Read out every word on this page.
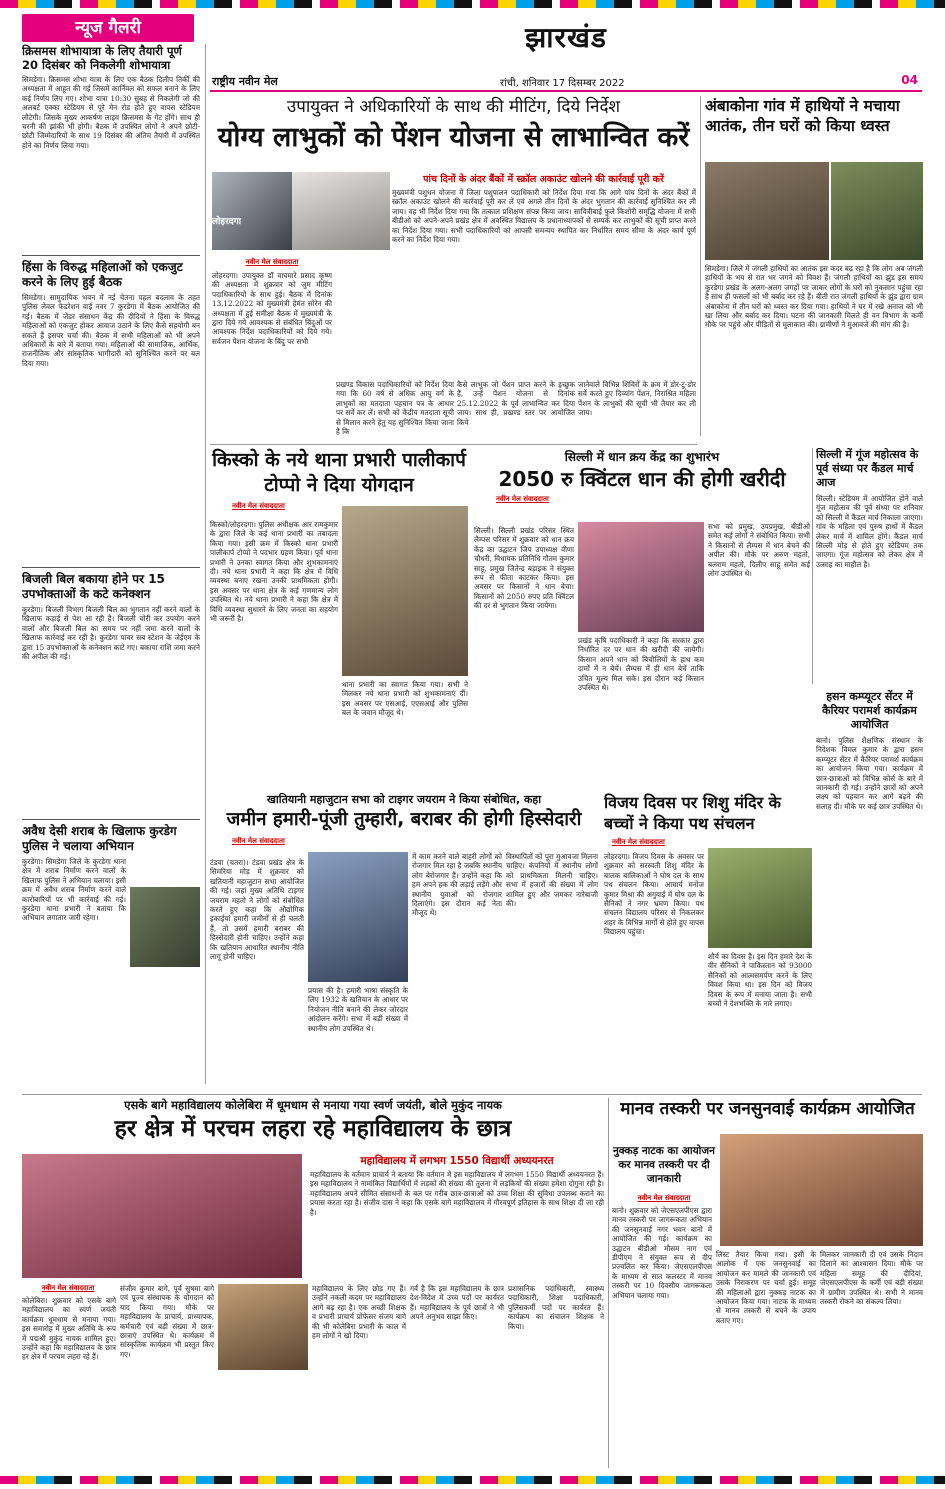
न्यूज गैलरी	झारखंड
राष्ट्रीय नवीन मेल	रांची, शनिवार 17 दिसम्बर 2022	04
क्रिसमस शोभायात्रा के लिए तैयारी पूर्ण 20 दिसंबर को निकलेगी शोभायात्रा
सिमडेगा। क्रिसमस शोभा यात्रा के लिए एक बैठक दिलीप तिर्की की अध्यक्षता में आहूत की गई जिसमें कार्निवल को सफल बनाने के लिए कई निर्णय लिए गए। शोभा यात्रा 10:30 सुबह से निकलेगी जो की अलबर्ट एक्का स्टेडियम से पूरे मेन रोड होते हुए वापस स्टेडियम लौटेगी। जिसके मुख्य आकर्षण लाइव क्रिसमस के गेट होंगे। साथ ही चरनी की झांकी भी होगी। बैठक में उपस्थित लोगों ने अपने छोटी-छोटी जिम्मेदारियों के साथ 19 दिसंबर की अंतिम तैयारी में उपस्थित होने का निर्णय लिया गया।
हिंसा के विरुद्ध महिलाओं को एकजुट करने के लिए हुई बैठक
सिमडेगा। सामुदायिक भवन में नई चेतना पहल बदलाव के तहत पुलिस लेवल फेडरेशन वाई नवर 7 कुरडेगा में बैठक आयोजित की गई। बैठक में जेंडर संसाधन केंद्र की दीदियों ने हिंसा के विरुद्ध महिलाओं को एकजुट होकर आवाज उठाने के लिए कैसे सहयोगी बन सकते हैं इसपर चर्चा की। बैठक में सभी महिलाओं को भी अपने अधिकारों के बारे में बताया गया। महिलाओं की सामाजिक, आर्थिक, राजनीतिक और सांस्कृतिक भागीदारी को सुनिश्चित करने पर बल दिया गया।
बिजली बिल बकाया होने पर 15 उपभोक्ताओं के कटे कनेक्शन
कुरडेगा। बिजली विभाग बिजली बिल का भुगतान नहीं करने वालों के खिलाफ कड़ाई से पेश आ रही है। बिजली चोरी कर उपयोग करने वालों और बिजली बिल का समय पर नहीं जमा करने वालों के खिलाफ कार्रवाई कर रही है। कुरडेगा पावर सब स्टेशन के जेईएम के द्वारा 15 उपभोक्ताओं के कनेक्शन काटे गए। बकाया राशि जमा करने की अपील की गई।
अवैध देसी शराब के खिलाफ कुरडेग पुलिस ने चलाया अभियान
कुरडेगा। सिमडेगा जिले के कुरडेगा थाना क्षेत्र में शराब निर्माण करने वालों के खिलाफ पुलिस ने अभियान चलाया। इसी क्रम में अवैध शराब निर्माण करने वाले कारोबारियों पर भी कार्रवाई की गई। कुरडेगा थाना प्रभारी ने बताया कि अभियान लगातार जारी रहेगा।
उपायुक्त ने अधिकारियों के साथ की मीटिंग, दिये निर्देश
योग्य लाभुकों को पेंशन योजना से लाभान्वित करें
लोहरदगा
पांच दिनों के अंदर बैंकों में स्क्रॉल अकाउंट खोलने की कार्रवाई पूरी करें
मुख्यमंत्री पशुधन योजना में जिला पशुपालन पदाधिकारी को निर्देश दिया गया कि आगे पांच दिनों के अंदर बैंकों में स्क्रॉल अकाउंट खोलने की कार्रवाई पूरी कर लें एवं अगले तीन दिनों के अंदर भुगतान की कार्रवाई सुनिश्चित कर ली जाय। वह भी निर्देश दिया गया कि तत्काल प्रशिक्षण संपन्न किया जाय। सावित्रीबाई फुले किशोरी समृद्धि योजना में सभी बीडीओ को अपने-अपने प्रखंड क्षेत्र में अवस्थित विद्यालय के प्रधानाध्यापकों से सम्पर्क कर लाभुकों की सूची प्राप्त करने का निर्देश दिया गया। सभी पदाधिकारियों को आपसी समन्वय स्थापित कर निर्धारित समय सीमा के अंदर कार्य पूर्ण करने का निर्देश दिया गया।
नवीन मेल संवाददाता
लोहरदगा। उपायुक्त डॉ वाघमारे प्रसाद कृष्ण की अध्यक्षता में शुक्रवार को जुम मीटिंग पदाधिकारियों के साथ हुई। बैठक में दिनांक 13.12.2022 को मुख्यमंत्री हेमंत सोरेन की अध्यक्षता में हुई समीक्षा बैठक में मुख्यमंत्री के द्वारा दिये गये आवश्यक से संबंधित बिंदुओं पर आवश्यक निर्देश पदाधिकारियों को दिये गये। सर्वजन पेंशन योजना के बिंदु पर सभी
प्रखण्ड विकास पदाधिकारियों को निर्देश दिया गया कि 60 वर्ष से अधिक आयु वर्ग के लाभुकों का मतदाता पहचान पत्र के आधार पर सर्वे कर लें। सभी को केंद्रीय मतदाता सूची से मिलान करने हेतु यह सुनिश्चित किया जाना है कि
कैसे लाभुक जो पेंशन प्राप्त करने के इच्छुक हैं, उन्हें पेंशन योजना से दिनांक 25.12.2022 के पूर्व लाभान्वित कर दिया जाय। साथ ही, प्रखण्ड स्तर पर आयोजित किये
जानेवाले विभिन्न शिविरों के क्रम में डोर-टू-डोर सर्वे करते हुए दिव्यांग पेंशन, निराश्रित महिला पेंशन के लाभुकों की सूची भी तैयार कर ली जाय।
अंबाकोना गांव में हाथियों ने मचाया आतंक, तीन घरों को किया ध्वस्त
सिमडेगा। जिले में जंगली हाथियों का आतंक इस कदर बढ़ रहा है कि लोग अब जंगली हाथियों के भय से रात भर जगने को विवश हैं। जंगली हाथियों का झुंड इस समय कुरडेगा प्रखंड के अलग-अलग जगहों पर जाकर लोगों के घरों को नुकसान पहुंचा रहा है साथ ही फसलों को भी बर्बाद कर रहे हैं। बीती रात जंगली हाथियों के झुंड द्वारा ग्राम अंबाकोना में तीन घरों को ध्वस्त कर दिया गया। हाथियों ने घर में रखे अनाज को भी खा लिया और बर्बाद कर दिया। घटना की जानकारी मिलते ही वन विभाग के कर्मी मौके पर पहुंचे और पीड़ितों से मुलाकात की। ग्रामीणों ने मुआवजे की मांग की है।
किस्को के नये थाना प्रभारी पालीकार्प टोप्पो ने दिया योगदान
नवीन मेल संवाददाता
किस्को/लोहरदगा। पुलिस अधीक्षक आर रामकुमार के द्वारा जिले के कई थाना प्रभारी का तबादला किया गया। इसी क्रम में किस्को थाना प्रभारी पालीकार्प टोप्पो ने पदभार ग्रहण किया। पूर्व थाना प्रभारी ने उनका स्वागत किया और शुभकामनाएं दी। नये थाना प्रभारी ने कहा कि क्षेत्र में विधि व्यवस्था बनाए रखना उनकी प्राथमिकता होगी। इस अवसर पर थाना क्षेत्र के कई गणमान्य लोग उपस्थित थे। नये थाना प्रभारी ने कहा कि क्षेत्र में विधि व्यवस्था सुधारने के लिए जनता का सहयोग भी जरूरी है।
थाना प्रभारी का स्वागत किया गया। सभी ने मिलकर नये थाना प्रभारी को शुभकामनाएं दीं। इस अवसर पर एसआई, एएसआई और पुलिस बल के जवान मौजूद थे।
सिल्ली में धान क्रय केंद्र का शुभारंभ
2050 रु क्विंटल धान की होगी खरीदी
नवीन मेल संवाददाता
सिल्ली। सिल्ली प्रखंड परिसर स्थित लैम्पस परिसर में शुक्रवार को धान क्रय केंद्र का उद्घाटन जिप उपाध्यक्ष वीणा चौधरी, विधायक प्रतिनिधि गौतम कुमार साहू, प्रमुख जितेन्द्र बड़ाइक ने संयुक्त रूप से फीता काटकर किया। इस अवसर पर किसानों ने धान बेचा। किसानों को 2050 रुपए प्रति क्विंटल की दर से भुगतान किया जायेगा।
प्रखंड कृषि पदाधिकारी ने कहा कि सरकार द्वारा निर्धारित दर पर धान की खरीदी की जायेगी। किसान अपने धान को बिचौलियों के हाथ कम दामों में न बेचें। लैम्पस में ही धान बेचें ताकि उचित मूल्य मिल सके। इस दौरान कई किसान उपस्थित थे।
सभा को प्रमुख, उपप्रमुख, बीडीओ समेत कई लोगों ने संबोधित किया। सभी ने किसानों से लैम्पस में धान बेचने की अपील की। मौके पर अरुण महतो, बलराम महतो, दिलीप साहू समेत कई लोग उपस्थित थे।
सिल्ली में गूंज महोत्सव के पूर्व संध्या पर कैंडल मार्च आज
सिल्ली। स्टेडियम में आयोजित होने वाले गूंज महोत्सव की पूर्व संध्या पर शनिवार को सिल्ली में कैंडल मार्च निकाला जाएगा। गांव के महिला एवं पुरुष हाथों में कैंडल लेकर मार्च में शामिल होंगे। कैंडल मार्च सिल्ली मोड़ से होते हुए स्टेडियम तक जाएगा। गूंज महोत्सव को लेकर क्षेत्र में उत्साह का माहौल है।
खातियानी महाजुटान सभा को टाइगर जयराम ने किया संबोधित, कहा
जमीन हमारी-पूंजी तुम्हारी, बराबर की होगी हिस्सेदारी
नवीन मेल संवाददाता
टंडवा (चतरा)। टंडवा प्रखंड क्षेत्र के सिमरिया मोड़ में शुक्रवार को खतियानी महाजुटान सभा आयोजित की गई। जहां मुख्य अतिथि टाइगर जयराम महतो ने लोगों को संबोधित करते हुए कहा कि औद्योगिक इकाईयां हमारी जमीनों से ही चलती हैं, तो उसमें हमारी बराबर की हिस्सेदारी होनी चाहिए। उन्होंने कहा कि खतियान आधारित स्थानीय नीति लागू होनी चाहिए।
प्रयास की है। हमारी भाषा संस्कृति के लिए 1932 के खतियान के आधार पर नियोजन नीति बनाने की लेकर जोरदार आंदोलन करेंगे। सभा में बड़ी संख्या में स्थानीय लोग उपस्थित थे।
में काम करने वाले बाहरी लोगों को रोजगार मिल रहा है जबकि स्थानीय लोग बेरोजगार हैं। उन्होंने कहा कि हम अपने हक की लड़ाई लड़ेंगे और स्थानीय युवाओं को रोजगार दिलाएंगे। इस दौरान कई नेता मौजूद थे।
विस्थापितों को पूरा मुआवजा मिलना चाहिए। कंपनियों में स्थानीय लोगों को प्राथमिकता मिलनी चाहिए। सभा में हजारों की संख्या में लोग शामिल हुए और जमकर नारेबाजी की।
विजय दिवस पर शिशु मंदिर के बच्चों ने किया पथ संचलन
नवीन मेल संवाददाता
लोहरदगा। विजय दिवस के अवसर पर शुक्रवार को सरस्वती शिशु मंदिर के बालक बालिकाओं ने घोष दल के साथ पथ संचलन किया। आचार्य मनोज कुमार मिश्रा की अगुवाई में घोष दल के सैनिकों ने नगर भ्रमण किया। पथ संचलन विद्यालय परिसर से निकलकर शहर के विभिन्न मार्गों से होते हुए वापस विद्यालय पहुंचा।
शौर्य का दिवस है। इस दिन हमारे देश के वीर सैनिकों ने पाकिस्तान को 93000 सैनिकों को आत्मसमर्पण करने के लिए विवश किया था। इस दिन को विजय दिवस के रूप में मनाया जाता है। सभी बच्चों ने देशभक्ति के नारे लगाए।
हसन कम्प्यूटर सेंटर में कैरियर परामर्श कार्यक्रम आयोजित
बानो। पुलिस शैक्षणिक संस्थान के निदेशक विमल कुमार के द्वारा हसन कम्प्यूटर सेंटर में कैरियर परामर्श कार्यक्रम का आयोजन किया गया। कार्यक्रम में छात्र-छात्राओं को विभिन्न कोर्स के बारे में जानकारी दी गई। उन्होंने छात्रों को अपने लक्ष्य को पहचान कर आगे बढ़ने की सलाह दी। मौके पर कई छात्र उपस्थित थे।
एसके बागे महाविद्यालय कोलेबिरा में धूमधाम से मनाया गया स्वर्ण जयंती, बोले मुकुंद नायक
हर क्षेत्र में परचम लहरा रहे महाविद्यालय के छात्र
महाविद्यालय में लगभग 1550 विद्यार्थी अध्ययनरत
महाविद्यालय के वर्तमान प्राचार्य ने बताया कि वर्तमान में इस महाविद्यालय में लगभग 1550 विद्यार्थी अध्ययनरत हैं। इस महाविद्यालय ने नामांकित विद्यार्थियों में लड़कों की संख्या की तुलना में लड़कियों की संख्या हमेशा दोगुना रही है। महाविद्यालय अपने सीमित संसाधनों के बल पर गरीब छात्र-छात्राओं को उच्च शिक्षा की सुविधा उपलब्ध कराने का प्रयास करता रहा है। संजीव दास ने कहा कि एसके बागे महाविद्यालय में गौरवपूर्ण इतिहास के साथ शिक्षा दी जा रही है।
नवीन मेल संवाददाता
कोलेबिरा। शुक्रवार को एसके बागे महाविद्यालय का स्वर्ण जयंती कार्यक्रम धूमधाम से मनाया गया। इस समारोह में मुख्य अतिथि के रूप में पद्मश्री मुकुंद नायक शामिल हुए। उन्होंने कहा कि महाविद्यालय के छात्र हर क्षेत्र में परचम लहरा रहे हैं।
संजीव कुमार बागे, पूर्व सुषमा बागे एवं पूज्य संस्थापक के योगदान को याद किया गया। मौके पर महाविद्यालय के प्राचार्य, प्राध्यापक, कर्मचारी एवं बड़ी संख्या में छात्र-छात्राएं उपस्थित थे। कार्यक्रम में सांस्कृतिक कार्यक्रम भी प्रस्तुत किए गए।
महाविद्यालय के लिए छोड़ गए हैं। उन्होंने नकली कदम पर महाविद्यालय आगे बढ़ रहा है। एक अच्छी शिक्षक व प्रभारी प्राचार्य प्रोफेसर संजय बागे की भी कोलेबिरा प्रभारी के काल में हम लोगों ने खो दिया।
गर्व है कि इस महाविद्यालय के छात्र देश-विदेश में उच्च पदों पर कार्यरत हैं। महाविद्यालय के पूर्व छात्रों ने भी अपने अनुभव साझा किए।
प्रशासनिक पदाधिकारी, स्वास्थ्य पदाधिकारी, शिक्षा पदाधिकारी, पुलिसकर्मी पदों पर कार्यरत हैं। कार्यक्रम का संचालन शिक्षक ने किया।
मानव तस्करी पर जनसुनवाई कार्यक्रम आयोजित
नुक्कड़ नाटक का आयोजन कर मानव तस्करी पर दी जानकारी
नवीन मेल संवाददाता
बानो। शुक्रवार को जेएसएलपीएस द्वारा मानव तस्करी पर जागरूकता अभियान की जनसुनवाई नगर भवन बानो में आयोजित की गई। कार्यक्रम का उद्घाटन बीडीओ मौसम नाग एवं डीपीएम ने संयुक्त रूप से दीप प्रज्वलित कर किया। जेएसएलपीएस के माध्यम से सात कलस्टर में मानव तस्करी पर 10 दिवसीय जागरूकता अभियान चलाया गया।
लिस्ट तैयार किया गया। इसी के आलोक में एक जनसुनवाई का आयोजन कर मामले की जानकारी एवं उसके निराकरण पर चर्चा हुई। समूह की महिलाओं द्वारा नुक्कड़ नाटक का आयोजन किया गया। नाटक के माध्यम से मानव तस्करी से बचने के उपाय बताए गए।
मिलकर जानकारी दी एवं उसके निदान दिलाने का आश्वासन दिया। मौके पर महिला समूह की दीदियां, जेएसएलपीएस के कर्मी एवं बड़ी संख्या में ग्रामीण उपस्थित थे। सभी ने मानव तस्करी रोकने का संकल्प लिया।
